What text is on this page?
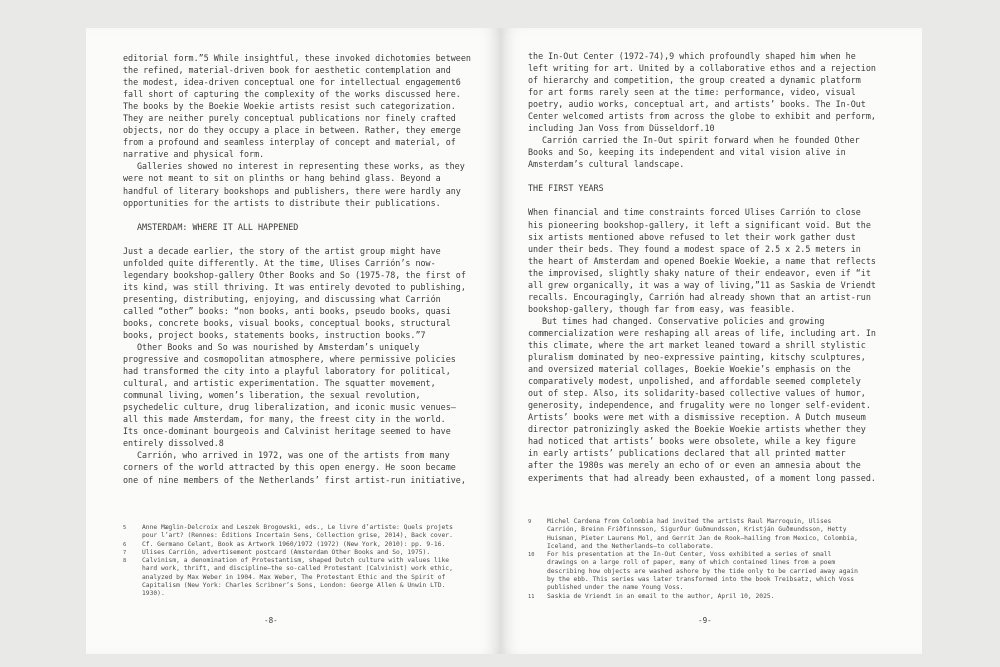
editorial form.”5 While insightful, these invoked dichotomies between
the refined, material-driven book for aesthetic contemplation and
the modest, idea-driven conceptual one for intellectual engagement6
fall short of capturing the complexity of the works discussed here.
The books by the Boekie Woekie artists resist such categorization.
They are neither purely conceptual publications nor finely crafted
objects, nor do they occupy a place in between. Rather, they emerge
from a profound and seamless interplay of concept and material, of
narrative and physical form.
Galleries showed no interest in representing these works, as they
were not meant to sit on plinths or hang behind glass. Beyond a
handful of literary bookshops and publishers, there were hardly any
opportunities for the artists to distribute their publications.
AMSTERDAM: WHERE IT ALL HAPPENED
Just a decade earlier, the story of the artist group might have
unfolded quite differently. At the time, Ulises Carrión’s now-
legendary bookshop-gallery Other Books and So (1975-78, the first of
its kind, was still thriving. It was entirely devoted to publishing,
presenting, distributing, enjoying, and discussing what Carrión
called “other” books: “non books, anti books, pseudo books, quasi
books, concrete books, visual books, conceptual books, structural
books, project books, statements books, instruction books.”7
Other Books and So was nourished by Amsterdam’s uniquely
progressive and cosmopolitan atmosphere, where permissive policies
had transformed the city into a playful laboratory for political,
cultural, and artistic experimentation. The squatter movement,
communal living, women’s liberation, the sexual revolution,
psychedelic culture, drug liberalization, and iconic music venues—
all this made Amsterdam, for many, the freest city in the world.
Its once-dominant bourgeois and Calvinist heritage seemed to have
entirely dissolved.8
Carrión, who arrived in 1972, was one of the artists from many
corners of the world attracted by this open energy. He soon became
one of nine members of the Netherlands’ first artist-run initiative,
5	Anne Mæglin-Delcroix and Leszek Brogowski, eds., Le livre d’artiste: Quels projets
pour l’art? (Rennes: Éditions Incertain Sens, Collection grise, 2014), Back cover.
6	Cf. Germano Celant, Book as Artwork 1960/1972 (1972) (New York, 2010): pp. 9-16.
7	Ulises Carrión, advertisement postcard (Amsterdam Other Books and So, 1975).
8	Calvinism, a denomination of Protestantism, shaped Dutch culture with values like
hard work, thrift, and discipline—the so-called Protestant (Calvinist) work ethic,
analyzed by Max Weber in 1904. Max Weber, The Protestant Ethic and the Spirit of
Capitalism (New York: Charles Scribner’s Sons, London: George Allen & Unwin LTD.
1930).
-8-
the In-Out Center (1972-74),9 which profoundly shaped him when he
left writing for art. United by a collaborative ethos and a rejection
of hierarchy and competition, the group created a dynamic platform
for art forms rarely seen at the time: performance, video, visual
poetry, audio works, conceptual art, and artists’ books. The In-Out
Center welcomed artists from across the globe to exhibit and perform,
including Jan Voss from Düsseldorf.10
Carrión carried the In-Out spirit forward when he founded Other
Books and So, keeping its independent and vital vision alive in
Amsterdam’s cultural landscape.
THE FIRST YEARS
When financial and time constraints forced Ulises Carrión to close
his pioneering bookshop-gallery, it left a significant void. But the
six artists mentioned above refused to let their work gather dust
under their beds. They found a modest space of 2.5 x 2.5 meters in
the heart of Amsterdam and opened Boekie Woekie, a name that reflects
the improvised, slightly shaky nature of their endeavor, even if “it
all grew organically, it was a way of living,”11 as Saskia de Vriendt
recalls. Encouragingly, Carrión had already shown that an artist-run
bookshop-gallery, though far from easy, was feasible.
But times had changed. Conservative policies and growing
commercialization were reshaping all areas of life, including art. In
this climate, where the art market leaned toward a shrill stylistic
pluralism dominated by neo-expressive painting, kitschy sculptures,
and oversized material collages, Boekie Woekie’s emphasis on the
comparatively modest, unpolished, and affordable seemed completely
out of step. Also, its solidarity-based collective values of humor,
generosity, independence, and frugality were no longer self-evident.
Artists’ books were met with a dismissive reception. A Dutch museum
director patronizingly asked the Boekie Woekie artists whether they
had noticed that artists’ books were obsolete, while a key figure
in early artists’ publications declared that all printed matter
after the 1980s was merely an echo of or even an amnesia about the
experiments that had already been exhausted, of a moment long passed.
9	Michel Cardena from Colombia had invited the artists Raul Marroquin, Ulises
Carrión, Breinn Friðfinnsson, Sigurður Guðmundsson, Kristján Guðmundsson, Hetty
Huisman, Pieter Laurens Mol, and Gerrit Jan de Rook—hailing from Mexico, Colombia,
Iceland, and the Netherlands—to collaborate.
10 For his presentation at the In-Out Center, Voss exhibited a series of small
drawings on a large roll of paper, many of which contained lines from a poem
describing how objects are washed ashore by the tide only to be carried away again
by the ebb. This series was later transformed into the book Treibsatz, which Voss
published under the name Young Voss.
11 Saskia de Vriendt in an email to the author, April 10, 2025.
-9-
